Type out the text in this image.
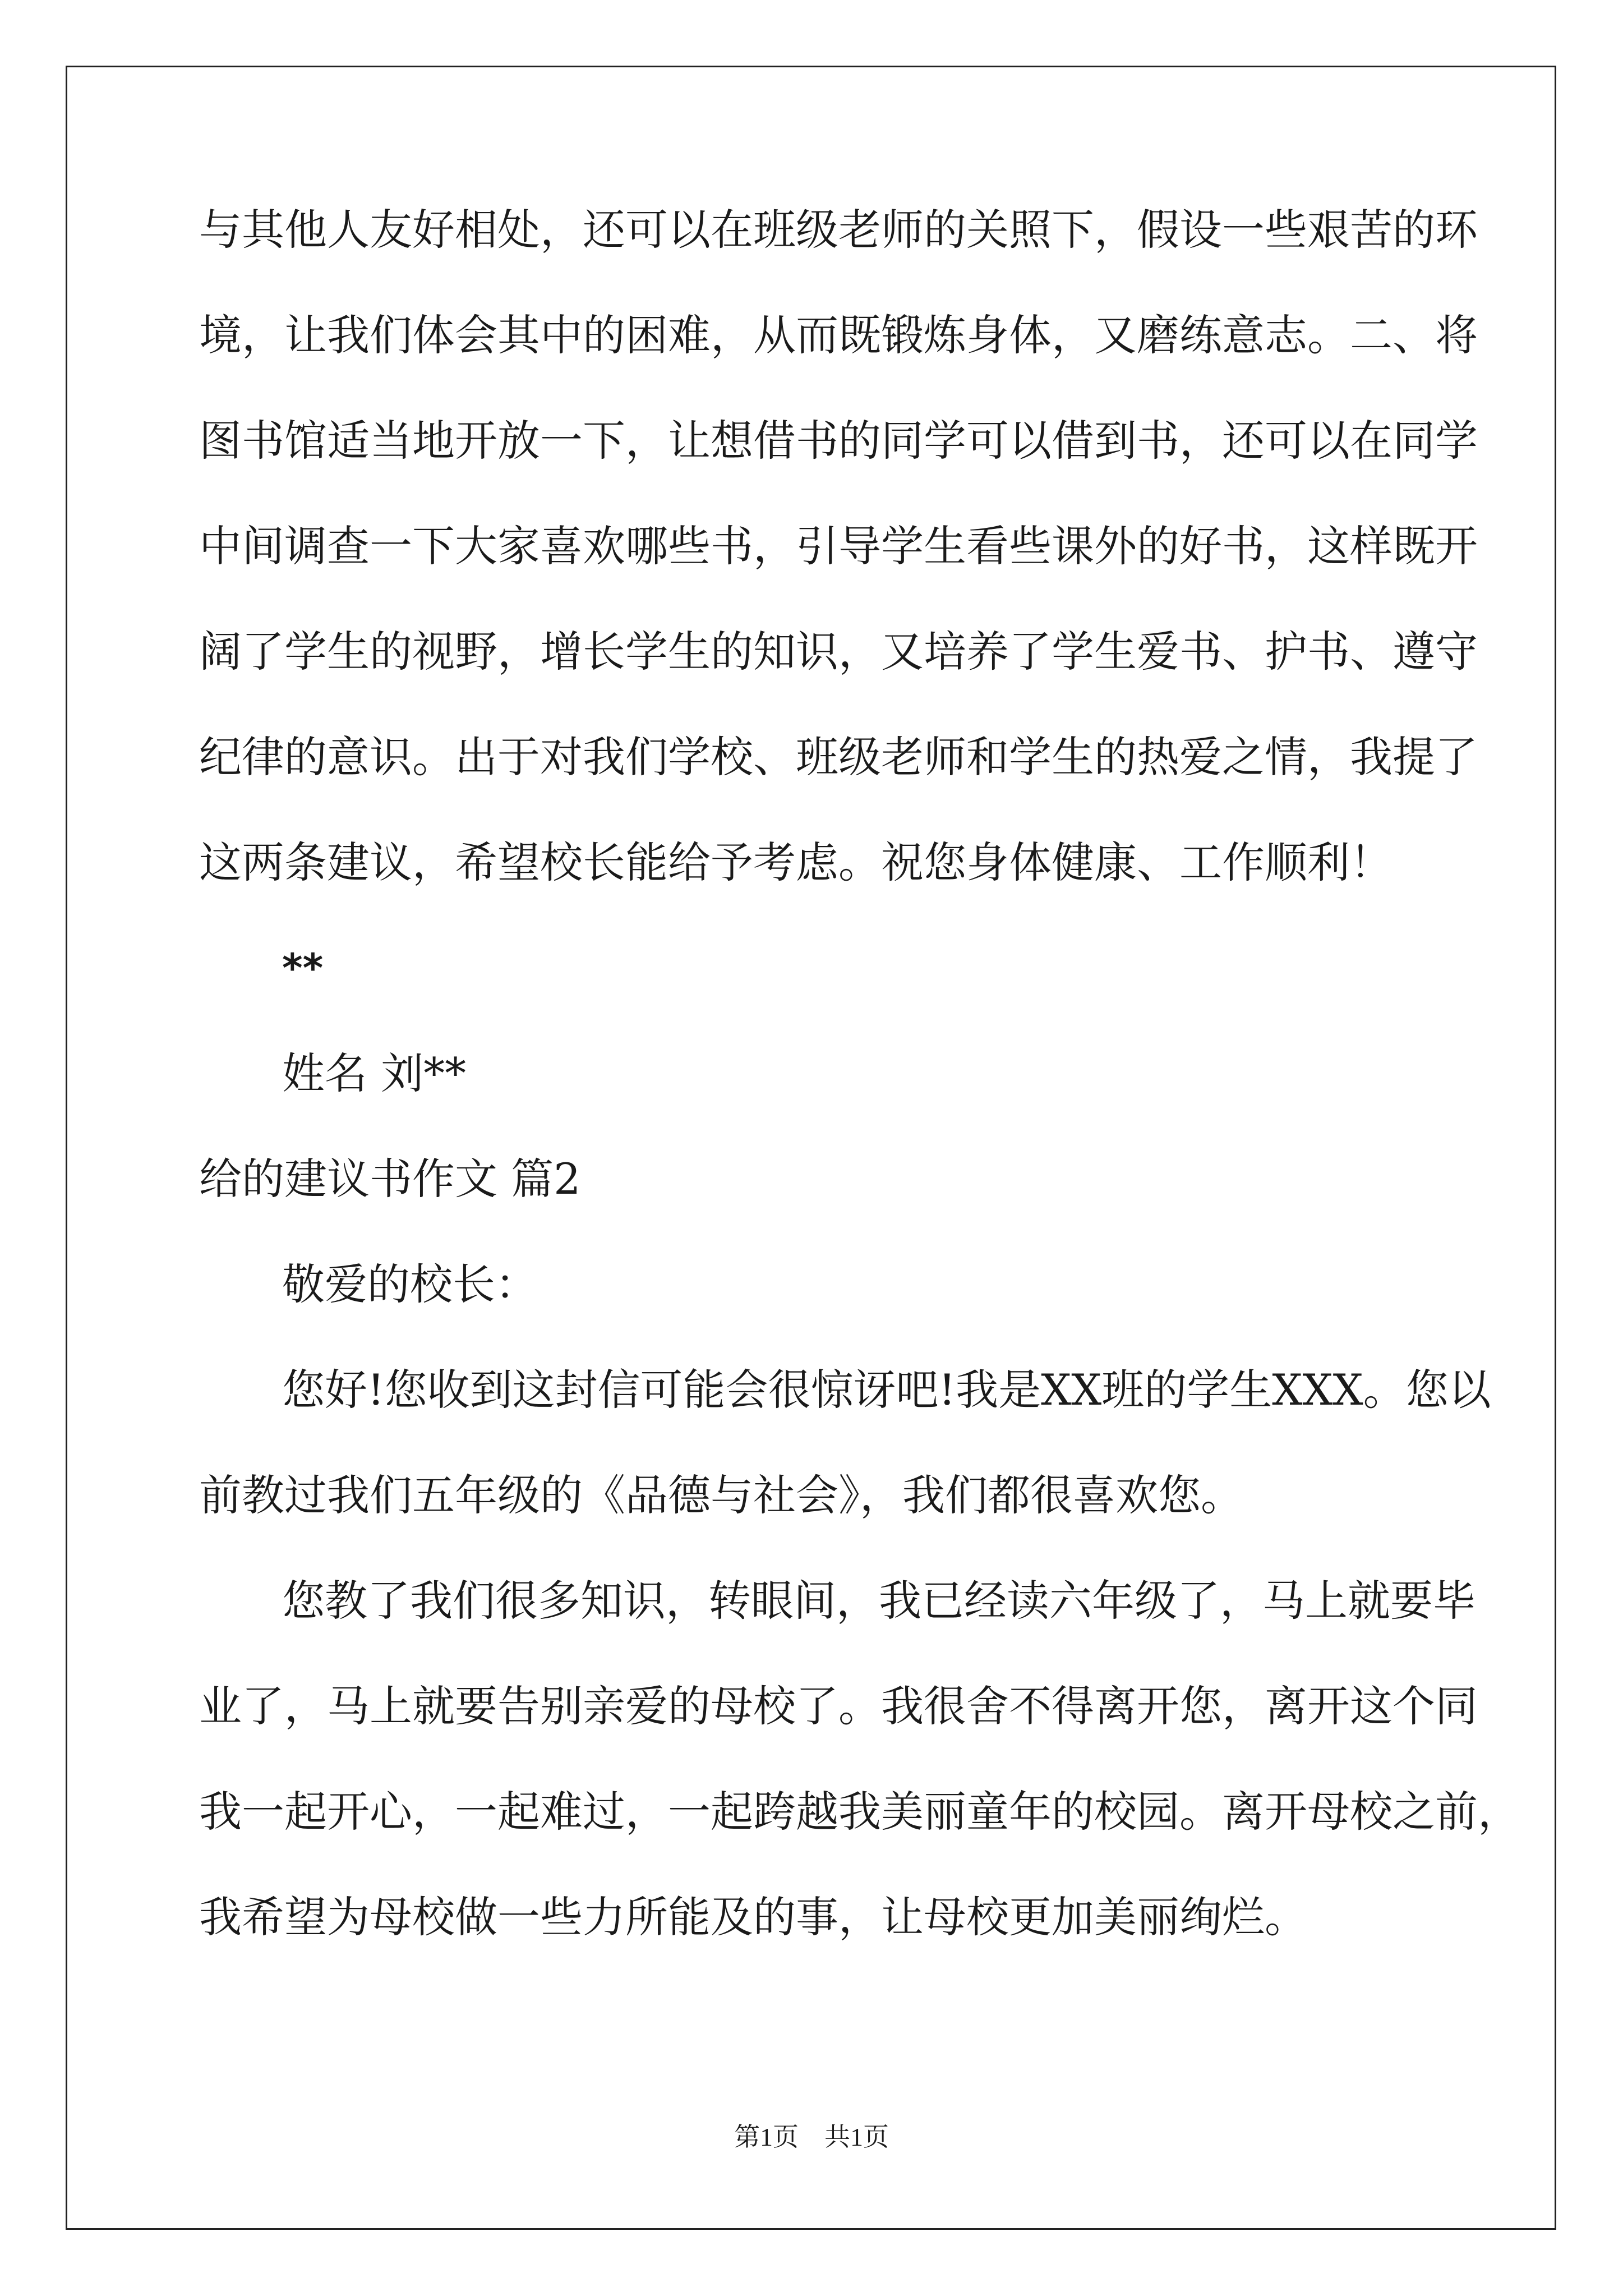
与其他人友好相处，还可以在班级老师的关照下，假设一些艰苦的环
境，让我们体会其中的困难，从而既锻炼身体，又磨练意志。二、将
图书馆适当地开放一下，让想借书的同学可以借到书，还可以在同学
中间调查一下大家喜欢哪些书，引导学生看些课外的好书，这样既开
阔了学生的视野，增长学生的知识，又培养了学生爱书、护书、遵守
纪律的意识。出于对我们学校、班级老师和学生的热爱之情，我提了
这两条建议，希望校长能给予考虑。祝您身体健康、工作顺利！
**
姓名 刘**
给的建议书作文 篇2
敬爱的校长：
您好!您收到这封信可能会很惊讶吧!我是XX班的学生XXX。您以
前教过我们五年级的《品德与社会》，我们都很喜欢您。
您教了我们很多知识，转眼间，我已经读六年级了，马上就要毕
业了，马上就要告别亲爱的母校了。我很舍不得离开您，离开这个同
我一起开心，一起难过，一起跨越我美丽童年的校园。离开母校之前，
我希望为母校做一些力所能及的事，让母校更加美丽绚烂。
第1页　共1页
